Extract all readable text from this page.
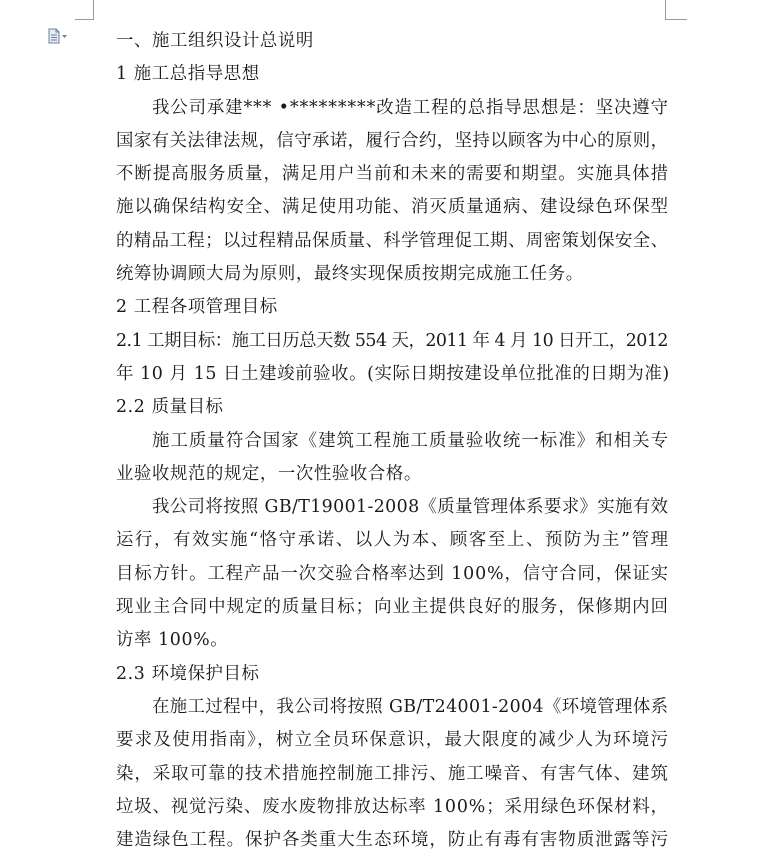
一、施工组织设计总说明
1 施工总指导思想
我公司承建*** •*********改造工程的总指导思想是：坚决遵守
国家有关法律法规，信守承诺，履行合约，坚持以顾客为中心的原则，
不断提高服务质量，满足用户当前和未来的需要和期望。实施具体措
施以确保结构安全、满足使用功能、消灭质量通病、建设绿色环保型
的精品工程；以过程精品保质量、科学管理促工期、周密策划保安全、
统筹协调顾大局为原则，最终实现保质按期完成施工任务。
2 工程各项管理目标
2.1 工期目标：施工日历总天数 554 天，2011 年 4 月 10 日开工，2012
年 10 月 15 日土建竣前验收。(实际日期按建设单位批准的日期为准)
2.2 质量目标
施工质量符合国家《建筑工程施工质量验收统一标准》和相关专
业验收规范的规定，一次性验收合格。
我公司将按照 GB/T19001-2008《质量管理体系要求》实施有效
运行，有效实施“恪守承诺、以人为本、顾客至上、预防为主”管理
目标方针。工程产品一次交验合格率达到 100%，信守合同，保证实
现业主合同中规定的质量目标；向业主提供良好的服务，保修期内回
访率 100%。
2.3 环境保护目标
在施工过程中，我公司将按照 GB/T24001-2004《环境管理体系
要求及使用指南》，树立全员环保意识，最大限度的减少人为环境污
染，采取可靠的技术措施控制施工排污、施工噪音、有害气体、建筑
垃圾、视觉污染、废水废物排放达标率 100%；采用绿色环保材料，
建造绿色工程。保护各类重大生态环境，防止有毒有害物质泄露等污
